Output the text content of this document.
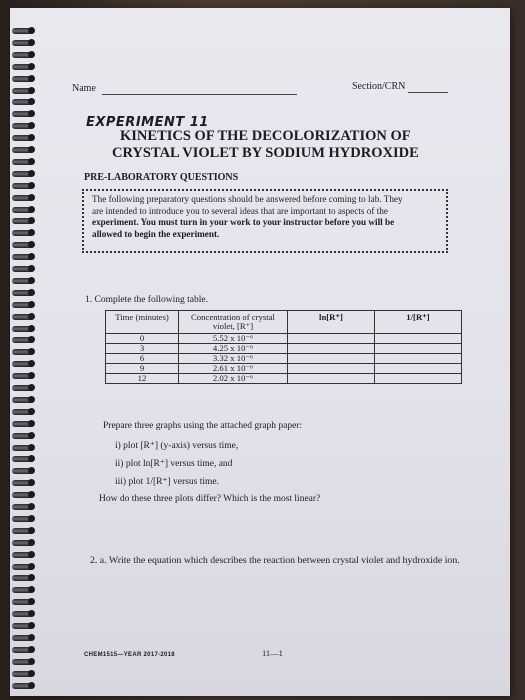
Name	Section/CRN
EXPERIMENT 11
KINETICS OF THE DECOLORIZATION OF
CRYSTAL VIOLET BY SODIUM HYDROXIDE
PRE-LABORATORY QUESTIONS
The following preparatory questions should be answered before coming to lab. They
are intended to introduce you to several ideas that are important to aspects of the
experiment. You must turn in your work to your instructor before you will be
allowed to begin the experiment.
1. Complete the following table.
Time (minutes)	Concentration of crystal violet, [R⁺]	ln[R⁺]	1/[R⁺]
0	5.52 x 10⁻⁶		
3	4.25 x 10⁻⁶		
6	3.32 x 10⁻⁶		
9	2.61 x 10⁻⁶		
12	2.02 x 10⁻⁶		
Prepare three graphs using the attached graph paper:
i) plot [R⁺] (y-axis) versus time,
ii) plot ln[R⁺] versus time, and
iii) plot 1/[R⁺] versus time.
How do these three plots differ? Which is the most linear?
2. a. Write the equation which describes the reaction between crystal violet and hydroxide ion.
CHEM1515—YEAR 2017-2018	11—1
